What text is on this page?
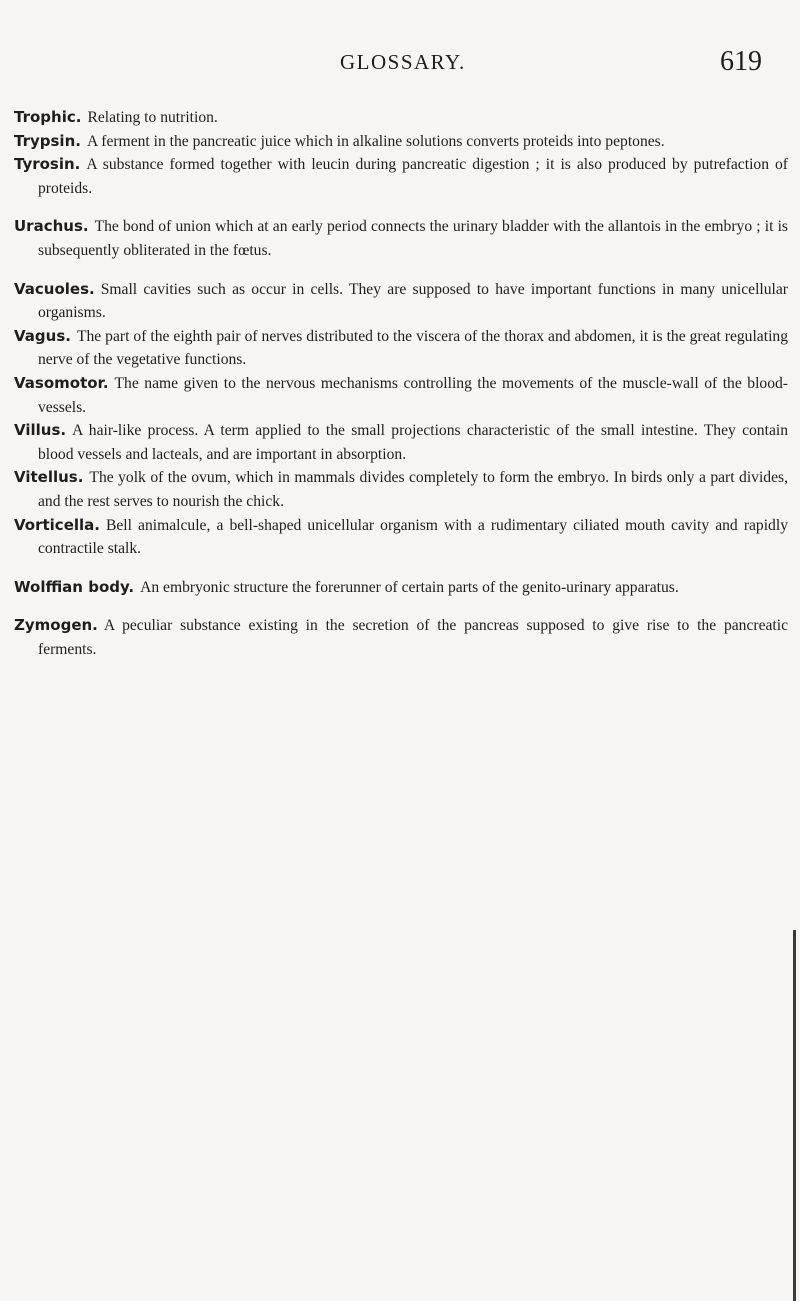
GLOSSARY.	619
Trophic. Relating to nutrition.
Trypsin. A ferment in the pancreatic juice which in alkaline solutions converts proteids into peptones.
Tyrosin. A substance formed together with leucin during pancreatic digestion ; it is also produced by putrefaction of proteids.
Urachus. The bond of union which at an early period connects the urinary bladder with the allantois in the embryo ; it is subsequently obliterated in the fœtus.
Vacuoles. Small cavities such as occur in cells. They are supposed to have important functions in many unicellular organisms.
Vagus. The part of the eighth pair of nerves distributed to the viscera of the thorax and abdomen, it is the great regulating nerve of the vegetative functions.
Vasomotor. The name given to the nervous mechanisms controlling the movements of the muscle-wall of the blood-vessels.
Villus. A hair-like process. A term applied to the small projections characteristic of the small intestine. They contain blood vessels and lacteals, and are important in absorption.
Vitellus. The yolk of the ovum, which in mammals divides completely to form the embryo. In birds only a part divides, and the rest serves to nourish the chick.
Vorticella. Bell animalcule, a bell-shaped unicellular organism with a rudimentary ciliated mouth cavity and rapidly contractile stalk.
Wolffian body. An embryonic structure the forerunner of certain parts of the genito-urinary apparatus.
Zymogen. A peculiar substance existing in the secretion of the pancreas supposed to give rise to the pancreatic ferments.
